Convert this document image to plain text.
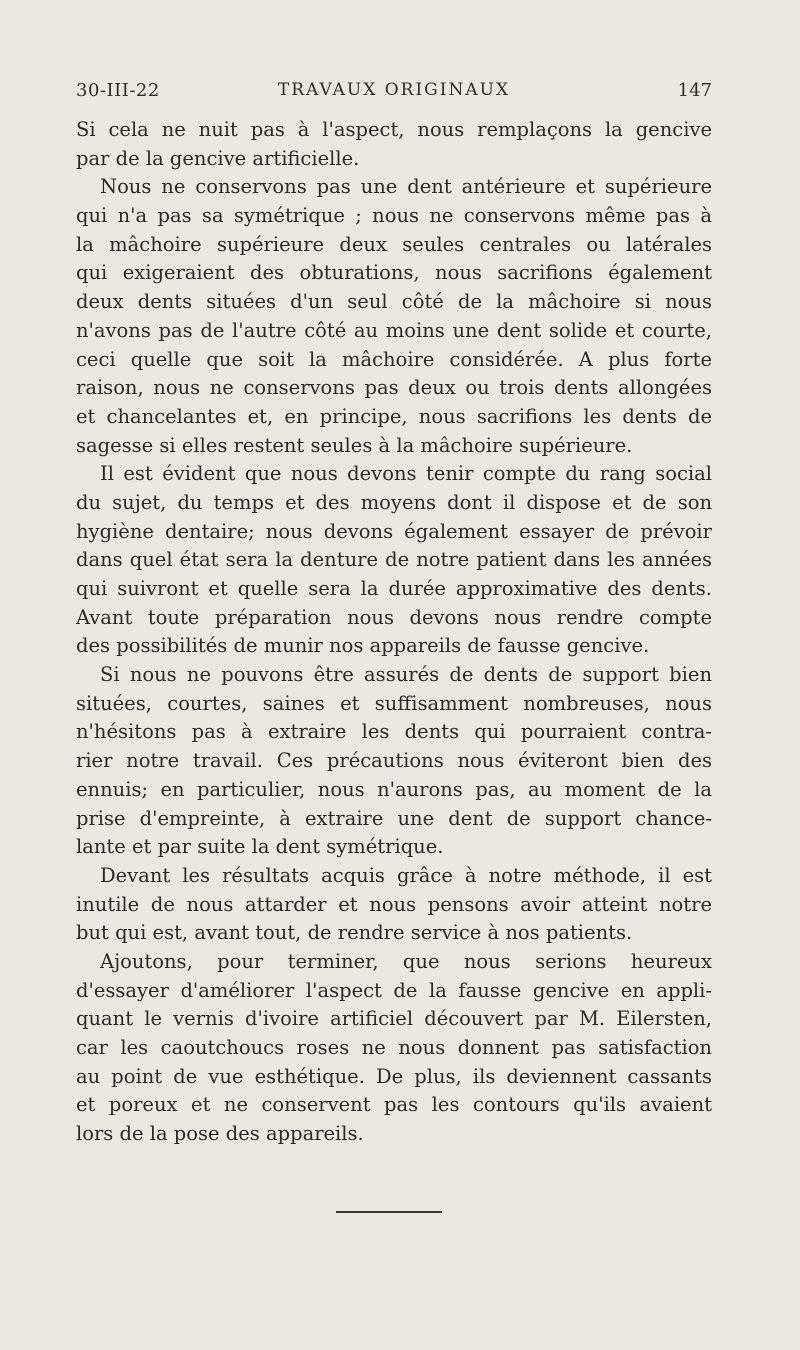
30-III-22	TRAVAUX ORIGINAUX	147
Si cela ne nuit pas à l'aspect, nous remplaçons la gencive
par de la gencive artificielle.
Nous ne conservons pas une dent antérieure et supérieure
qui n'a pas sa symétrique ; nous ne conservons même pas à
la mâchoire supérieure deux seules centrales ou latérales
qui exigeraient des obturations, nous sacrifions également
deux dents situées d'un seul côté de la mâchoire si nous
n'avons pas de l'autre côté au moins une dent solide et courte,
ceci quelle que soit la mâchoire considérée. A plus forte
raison, nous ne conservons pas deux ou trois dents allongées
et chancelantes et, en principe, nous sacrifions les dents de
sagesse si elles restent seules à la mâchoire supérieure.
Il est évident que nous devons tenir compte du rang social
du sujet, du temps et des moyens dont il dispose et de son
hygiène dentaire; nous devons également essayer de prévoir
dans quel état sera la denture de notre patient dans les années
qui suivront et quelle sera la durée approximative des dents.
Avant toute préparation nous devons nous rendre compte
des possibilités de munir nos appareils de fausse gencive.
Si nous ne pouvons être assurés de dents de support bien
situées, courtes, saines et suffisamment nombreuses, nous
n'hésitons pas à extraire les dents qui pourraient contra-
rier notre travail. Ces précautions nous éviteront bien des
ennuis; en particulier, nous n'aurons pas, au moment de la
prise d'empreinte, à extraire une dent de support chance-
lante et par suite la dent symétrique.
Devant les résultats acquis grâce à notre méthode, il est
inutile de nous attarder et nous pensons avoir atteint notre
but qui est, avant tout, de rendre service à nos patients.
Ajoutons, pour terminer, que nous serions heureux
d'essayer d'améliorer l'aspect de la fausse gencive en appli-
quant le vernis d'ivoire artificiel découvert par M. Eilersten,
car les caoutchoucs roses ne nous donnent pas satisfaction
au point de vue esthétique. De plus, ils deviennent cassants
et poreux et ne conservent pas les contours qu'ils avaient
lors de la pose des appareils.
